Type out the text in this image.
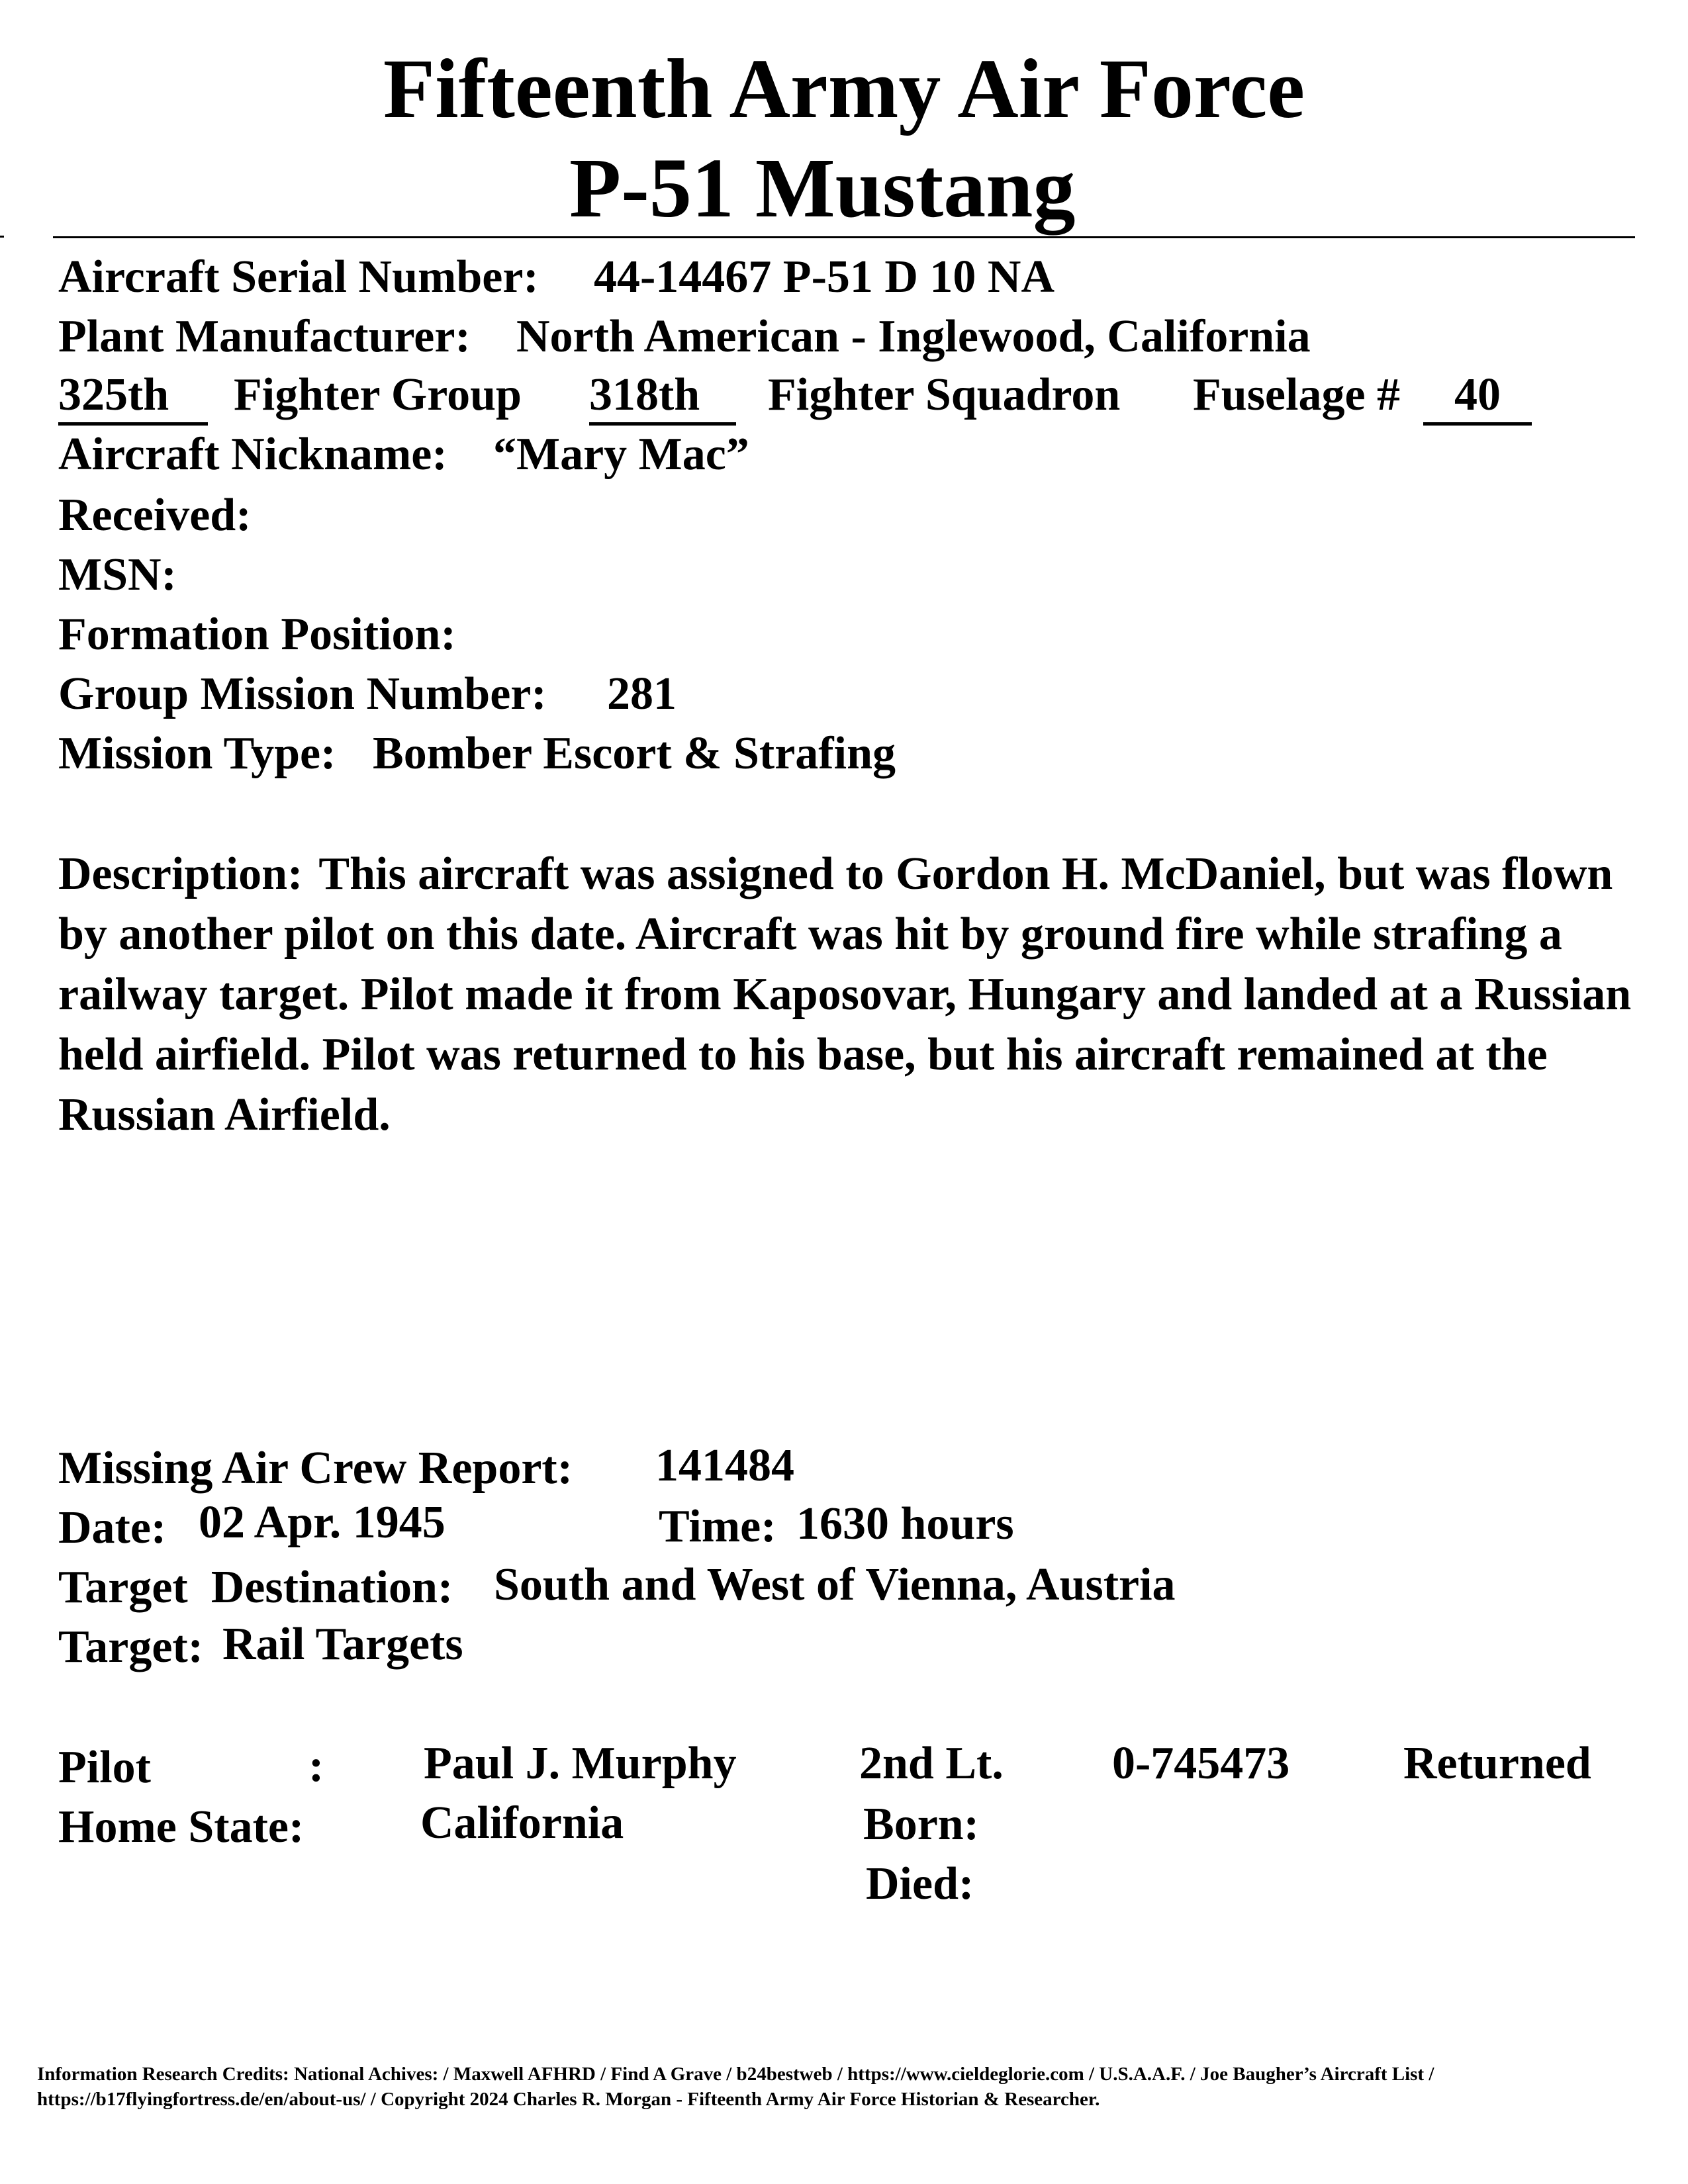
Fifteenth Army Air Force
P-51 Mustang
Aircraft Serial Number: 44-14467 P-51 D 10 NA
Plant Manufacturer: North American - Inglewood, California
325th	Fighter Group 318th	Fighter Squadron Fuselage #	40
Aircraft Nickname: “Mary Mac”
Received:
MSN:
Formation Position:
Group Mission Number: 281
Mission Type: Bomber Escort & Strafing
Description: This aircraft was assigned to Gordon H. McDaniel, but was flown by another pilot on this date. Aircraft was hit by ground fire while strafing a railway target. Pilot made it from Kaposovar, Hungary and landed at a Russian held airfield. Pilot was returned to his base, but his aircraft remained at the Russian Airfield.
Missing Air Crew Report: 141484
Date: 02 Apr. 1945	Time: 1630 hours
Target  Destination: South and West of Vienna, Austria
Target: Rail Targets
Pilot	: Paul J. Murphy	2nd Lt. 0-745473 Returned
Home State:	California	Born:
Died:
Information Research Credits: National Achives: / Maxwell AFHRD / Find A Grave / b24bestweb / https://www.cieldeglorie.com / U.S.A.A.F. / Joe Baugher’s Aircraft List / https://b17flyingfortress.de/en/about-us/ / Copyright 2024 Charles R. Morgan - Fifteenth Army Air Force Historian & Researcher.
